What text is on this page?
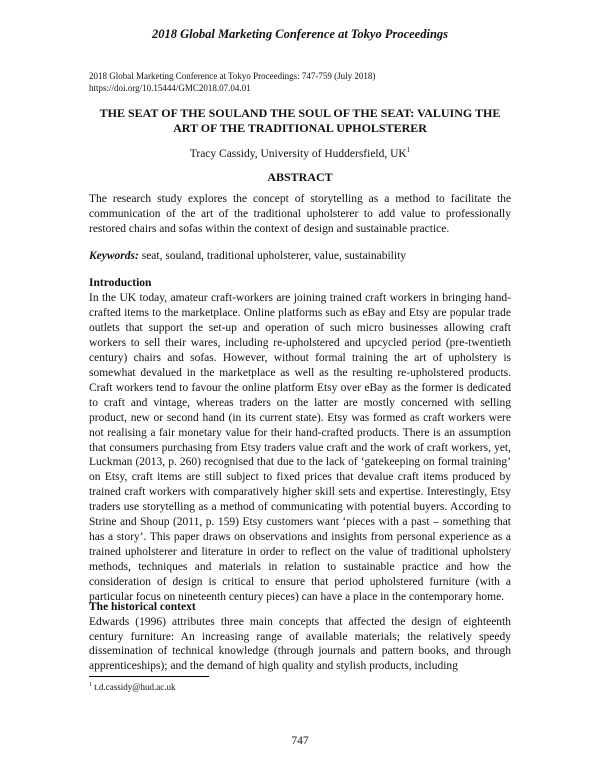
2018 Global Marketing Conference at Tokyo Proceedings
2018 Global Marketing Conference at Tokyo Proceedings: 747-759 (July 2018)
https://doi.org/10.15444/GMC2018.07.04.01
THE SEAT OF THE SOULAND THE SOUL OF THE SEAT: VALUING THE ART OF THE TRADITIONAL UPHOLSTERER
Tracy Cassidy, University of Huddersfield, $UK^1$
ABSTRACT
The research study explores the concept of storytelling as a method to facilitate the communication of the art of the traditional upholsterer to add value to professionally restored chairs and sofas within the context of design and sustainable practice.
Keywords: seat, souland, traditional upholsterer, value, sustainability
Introduction
In the UK today, amateur craft-workers are joining trained craft workers in bringing hand-crafted items to the marketplace. Online platforms such as eBay and Etsy are popular trade outlets that support the set-up and operation of such micro businesses allowing craft workers to sell their wares, including re-upholstered and upcycled period (pre-twentieth century) chairs and sofas. However, without formal training the art of upholstery is somewhat devalued in the marketplace as well as the resulting re-upholstered products. Craft workers tend to favour the online platform Etsy over eBay as the former is dedicated to craft and vintage, whereas traders on the latter are mostly concerned with selling product, new or second hand (in its current state). Etsy was formed as craft workers were not realising a fair monetary value for their hand-crafted products. There is an assumption that consumers purchasing from Etsy traders value craft and the work of craft workers, yet, Luckman (2013, p. 260) recognised that due to the lack of ‘gatekeeping on formal training’ on Etsy, craft items are still subject to fixed prices that devalue craft items produced by trained craft workers with comparatively higher skill sets and expertise. Interestingly, Etsy traders use storytelling as a method of communicating with potential buyers. According to Strine and Shoup (2011, p. 159) Etsy customers want ‘pieces with a past – something that has a story’. This paper draws on observations and insights from personal experience as a trained upholsterer and literature in order to reflect on the value of traditional upholstery methods, techniques and materials in relation to sustainable practice and how the consideration of design is critical to ensure that period upholstered furniture (with a particular focus on nineteenth century pieces) can have a place in the contemporary home.
The historical context
Edwards (1996) attributes three main concepts that affected the design of eighteenth century furniture: An increasing range of available materials; the relatively speedy dissemination of technical knowledge (through journals and pattern books, and through apprenticeships); and the demand of high quality and stylish products, including
$^1$ t.d.cassidy@hud.ac.uk
747
